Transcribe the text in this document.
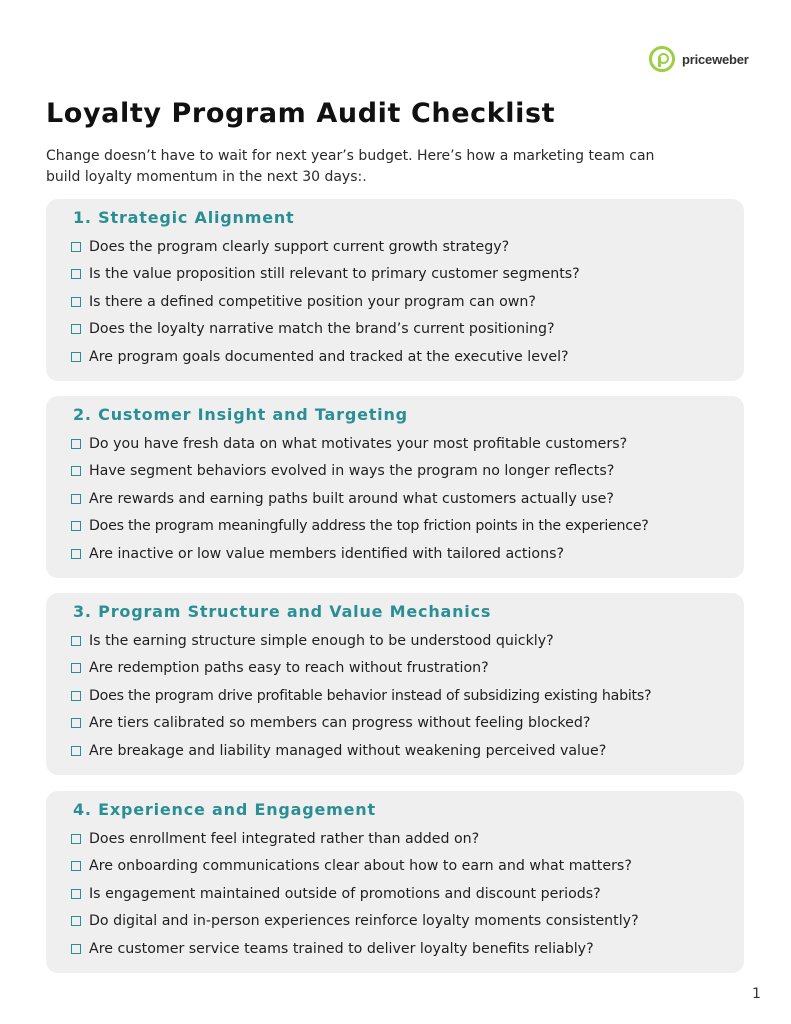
priceweber
Loyalty Program Audit Checklist

Change doesn’t have to wait for next year’s budget. Here’s how a marketing team can
build loyalty momentum in the next 30 days:.

1. Strategic Alignment
Does the program clearly support current growth strategy?
Is the value proposition still relevant to primary customer segments?
Is there a defined competitive position your program can own?
Does the loyalty narrative match the brand’s current positioning?
Are program goals documented and tracked at the executive level?
2. Customer Insight and Targeting
Do you have fresh data on what motivates your most profitable customers?
Have segment behaviors evolved in ways the program no longer reflects?
Are rewards and earning paths built around what customers actually use?
Does the program meaningfully address the top friction points in the experience?
Are inactive or low value members identified with tailored actions?
3. Program Structure and Value Mechanics
Is the earning structure simple enough to be understood quickly?
Are redemption paths easy to reach without frustration?
Does the program drive profitable behavior instead of subsidizing existing habits?
Are tiers calibrated so members can progress without feeling blocked?
Are breakage and liability managed without weakening perceived value?
4. Experience and Engagement
Does enrollment feel integrated rather than added on?
Are onboarding communications clear about how to earn and what matters?
Is engagement maintained outside of promotions and discount periods?
Do digital and in-person experiences reinforce loyalty moments consistently?
Are customer service teams trained to deliver loyalty benefits reliably?
1
